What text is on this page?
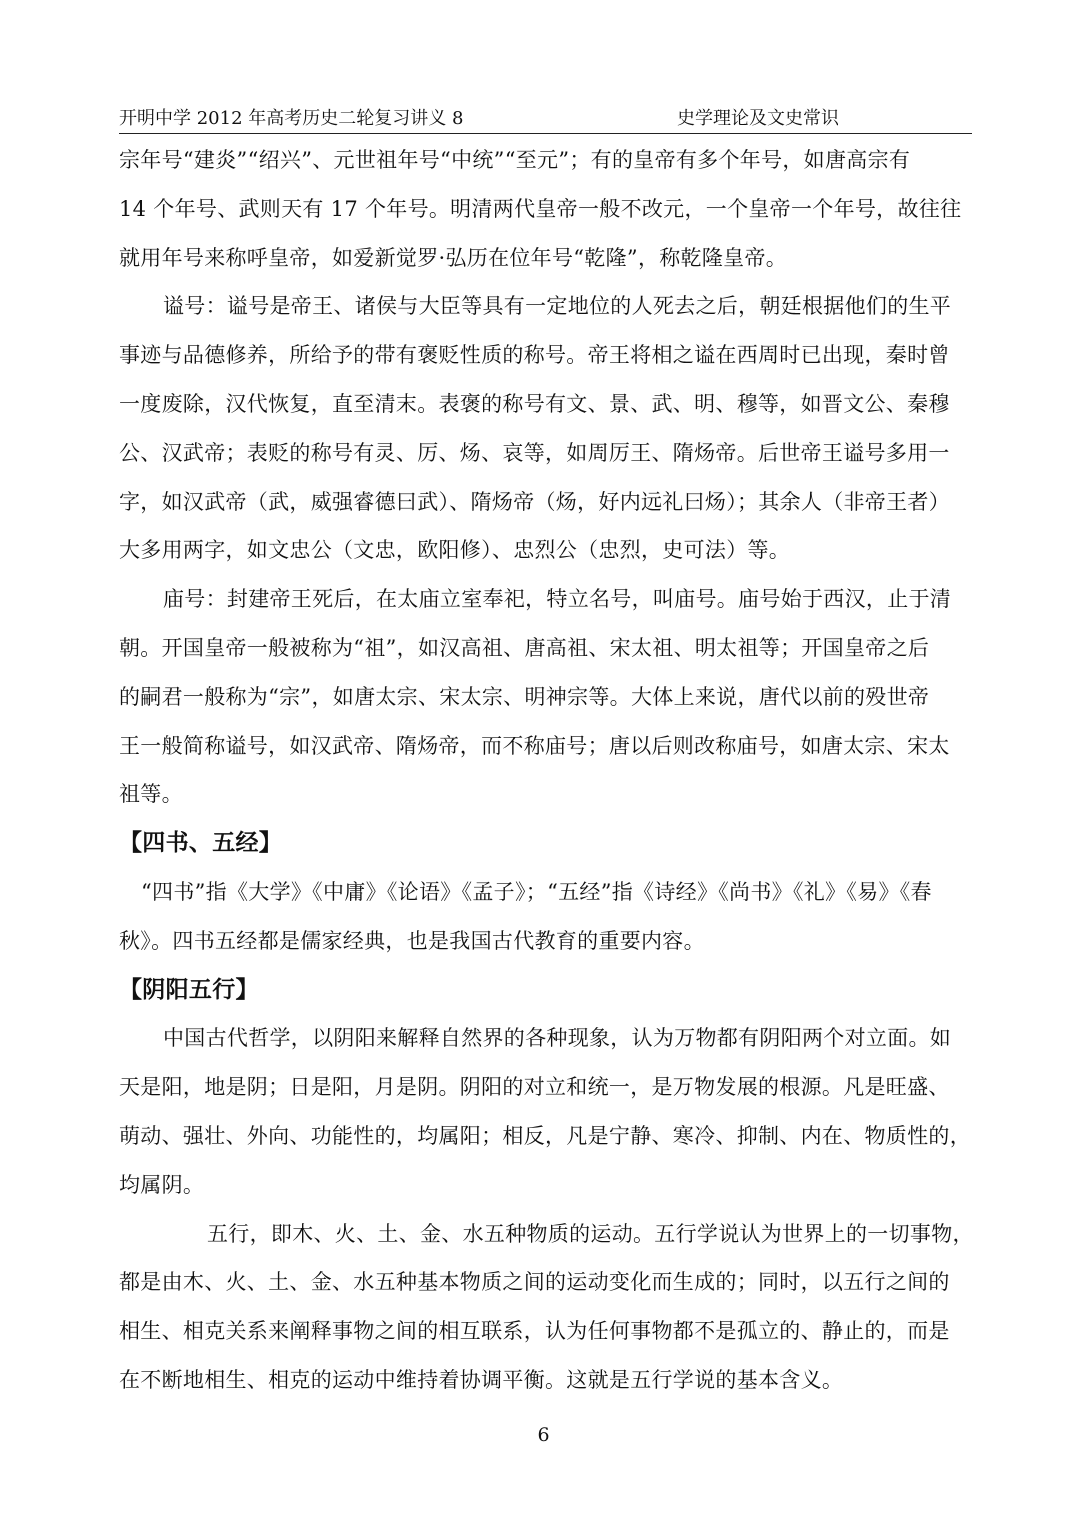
开明中学 2012 年高考历史二轮复习讲义 8	史学理论及文史常识
宗年号“建炎”“绍兴”、元世祖年号“中统”“至元”；有的皇帝有多个年号，如唐高宗有
14 个年号、武则天有 17 个年号。明清两代皇帝一般不改元，一个皇帝一个年号，故往往
就用年号来称呼皇帝，如爱新觉罗·弘历在位年号“乾隆”，称乾隆皇帝。
谥号：谥号是帝王、诸侯与大臣等具有一定地位的人死去之后，朝廷根据他们的生平
事迹与品德修养，所给予的带有褒贬性质的称号。帝王将相之谥在西周时已出现，秦时曾
一度废除，汉代恢复，直至清末。表褒的称号有文、景、武、明、穆等，如晋文公、秦穆
公、汉武帝；表贬的称号有灵、厉、炀、哀等，如周厉王、隋炀帝。后世帝王谥号多用一
字，如汉武帝（武，威强睿德曰武）、隋炀帝（炀，好内远礼曰炀）；其余人（非帝王者）
大多用两字，如文忠公（文忠，欧阳修）、忠烈公（忠烈，史可法）等。
庙号：封建帝王死后，在太庙立室奉祀，特立名号，叫庙号。庙号始于西汉，止于清
朝。开国皇帝一般被称为“祖”，如汉高祖、唐高祖、宋太祖、明太祖等；开国皇帝之后
的嗣君一般称为“宗”，如唐太宗、宋太宗、明神宗等。大体上来说，唐代以前的殁世帝
王一般简称谥号，如汉武帝、隋炀帝，而不称庙号；唐以后则改称庙号，如唐太宗、宋太
祖等。
【四书、五经】
“四书”指《大学》《中庸》《论语》《孟子》；“五经”指《诗经》《尚书》《礼》《易》《春
秋》。四书五经都是儒家经典，也是我国古代教育的重要内容。
【阴阳五行】
中国古代哲学，以阴阳来解释自然界的各种现象，认为万物都有阴阳两个对立面。如
天是阳，地是阴；日是阳，月是阴。阴阳的对立和统一，是万物发展的根源。凡是旺盛、
萌动、强壮、外向、功能性的，均属阳；相反，凡是宁静、寒冷、抑制、内在、物质性的，
均属阴。
五行，即木、火、土、金、水五种物质的运动。五行学说认为世界上的一切事物，
都是由木、火、土、金、水五种基本物质之间的运动变化而生成的；同时，以五行之间的
相生、相克关系来阐释事物之间的相互联系，认为任何事物都不是孤立的、静止的，而是
在不断地相生、相克的运动中维持着协调平衡。这就是五行学说的基本含义。
6
